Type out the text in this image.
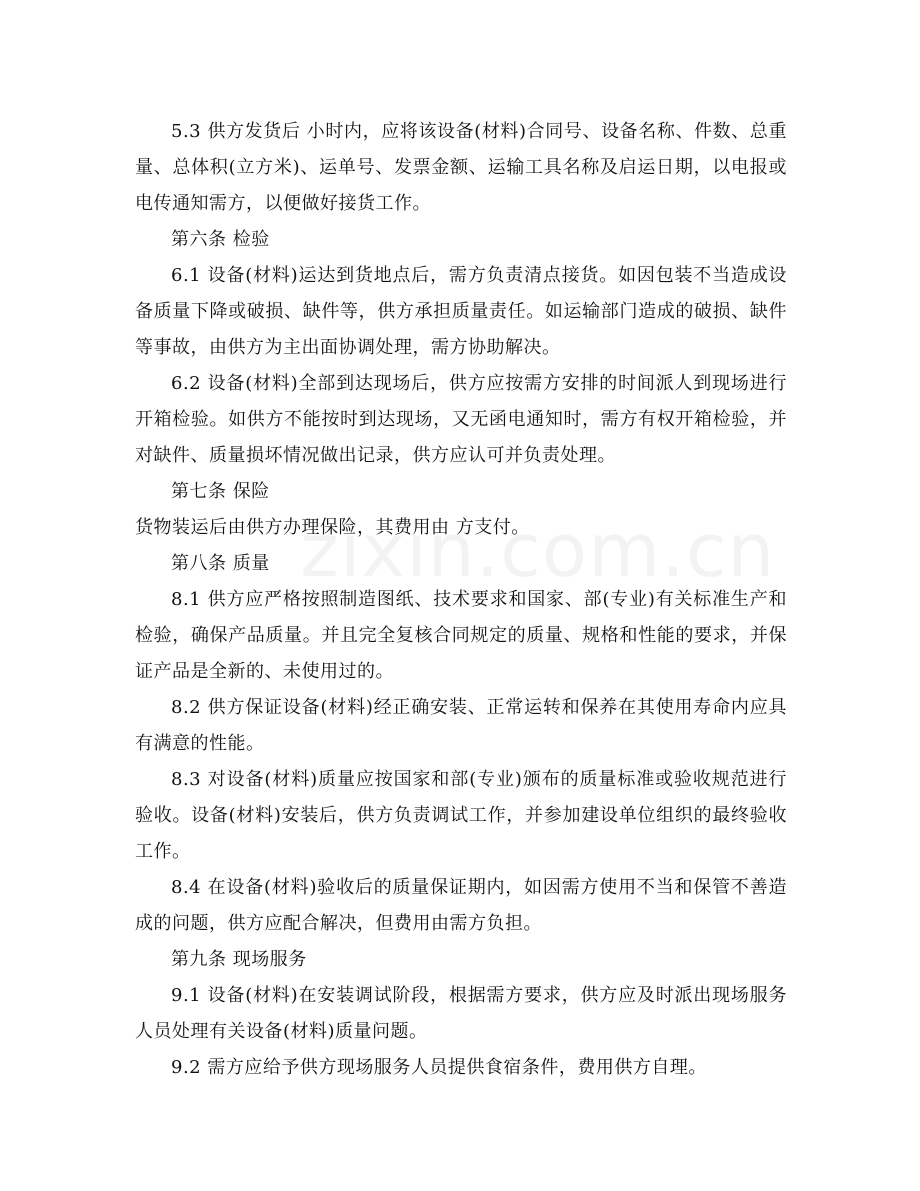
5.3 供方发货后 小时内，应将该设备(材料)合同号、设备名称、件数、总重量、总体积(立方米)、运单号、发票金额、运输工具名称及启运日期，以电报或电传通知需方，以便做好接货工作。

第六条 检验

6.1 设备(材料)运达到货地点后，需方负责清点接货。如因包装不当造成设备质量下降或破损、缺件等，供方承担质量责任。如运输部门造成的破损、缺件等事故，由供方为主出面协调处理，需方协助解决。

6.2 设备(材料)全部到达现场后，供方应按需方安排的时间派人到现场进行开箱检验。如供方不能按时到达现场，又无函电通知时，需方有权开箱检验，并对缺件、质量损坏情况做出记录，供方应认可并负责处理。

第七条 保险

货物装运后由供方办理保险，其费用由 方支付。

第八条 质量

8.1 供方应严格按照制造图纸、技术要求和国家、部(专业)有关标准生产和检验，确保产品质量。并且完全复核合同规定的质量、规格和性能的要求，并保证产品是全新的、未使用过的。

8.2 供方保证设备(材料)经正确安装、正常运转和保养在其使用寿命内应具有满意的性能。

8.3 对设备(材料)质量应按国家和部(专业)颁布的质量标准或验收规范进行验收。设备(材料)安装后，供方负责调试工作，并参加建设单位组织的最终验收工作。

8.4 在设备(材料)验收后的质量保证期内，如因需方使用不当和保管不善造成的问题，供方应配合解决，但费用由需方负担。

第九条 现场服务

9.1 设备(材料)在安装调试阶段，根据需方要求，供方应及时派出现场服务人员处理有关设备(材料)质量问题。

9.2 需方应给予供方现场服务人员提供食宿条件，费用供方自理。
